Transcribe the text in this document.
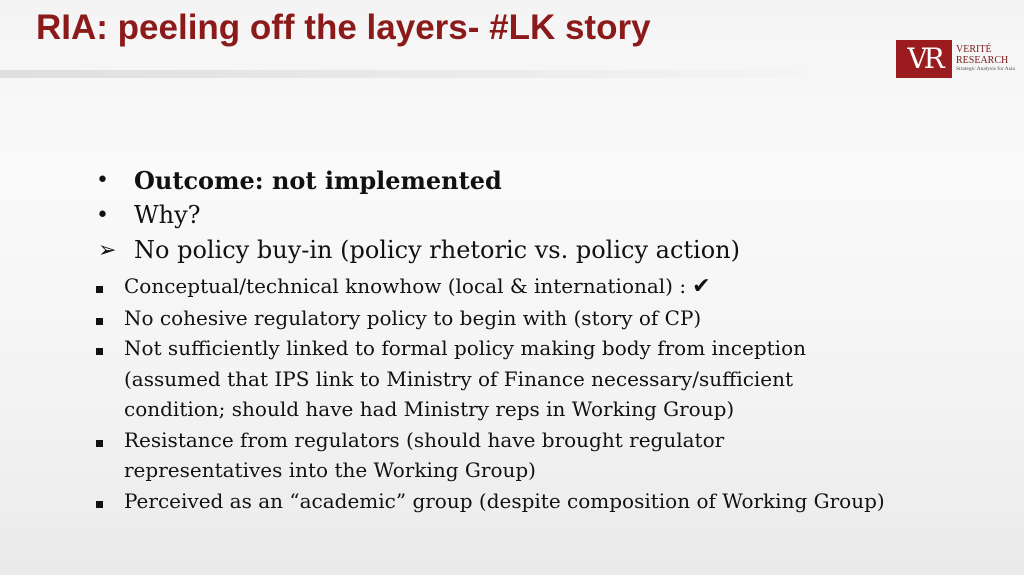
RIA: peeling off the layers- #LK story
VR	VERITÉ
RESEARCH
Strategic Analysis for Asia
•	Outcome: not implemented
•	Why?
➢ No policy buy-in (policy rhetoric vs. policy action)
Conceptual/technical knowhow (local & international) : ✔
No cohesive regulatory policy to begin with (story of CP)
Not sufficiently linked to formal policy making body from inception (assumed that IPS link to Ministry of Finance necessary/sufficient condition; should have had Ministry reps in Working Group)
Resistance from regulators (should have brought regulator representatives into the Working Group)
Perceived as an “academic” group (despite composition of Working Group)
